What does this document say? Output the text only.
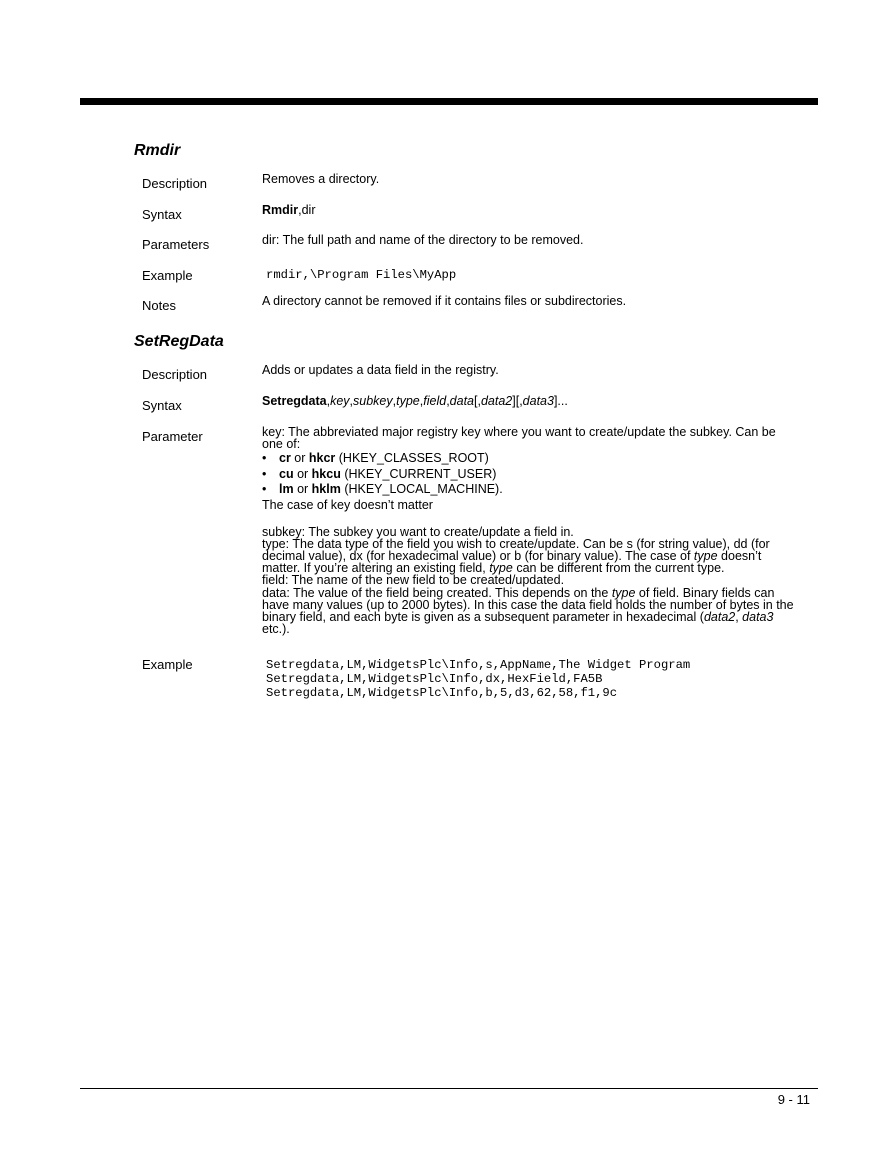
Rmdir
Description	Removes a directory.
Syntax	Rmdir,dir
Parameters	dir: The full path and name of the directory to be removed.
Example	rmdir,\Program Files\MyApp
Notes	A directory cannot be removed if it contains files or subdirectories.
SetRegData
Description	Adds or updates a data field in the registry.
Syntax	Setregdata,key,subkey,type,field,data[,data2][,data3]...
Parameter	key: The abbreviated major registry key where you want to create/update the subkey. Can be one of:

• cr or hkcr (HKEY_CLASSES_ROOT)
• cu or hkcu (HKEY_CURRENT_USER)
• lm or hklm (HKEY_LOCAL_MACHINE).

The case of key doesn’t matter

subkey: The subkey you want to create/update a field in.

type: The data type of the field you wish to create/update. Can be s (for string value), dd (for decimal value), dx (for hexadecimal value) or b (for binary value). The case of type doesn’t matter. If you’re altering an existing field, type can be different from the current type.

field: The name of the new field to be created/updated.

data: The value of the field being created. This depends on the type of field. Binary fields can have many values (up to 2000 bytes). In this case the data field holds the number of bytes in the binary field, and each byte is given as a subsequent parameter in hexadecimal (data2, data3 etc.).

Example	Setregdata,LM,WidgetsPlc\Info,s,AppName,The Widget Program
Setregdata,LM,WidgetsPlc\Info,dx,HexField,FA5B
Setregdata,LM,WidgetsPlc\Info,b,5,d3,62,58,f1,9c
9 - 11
